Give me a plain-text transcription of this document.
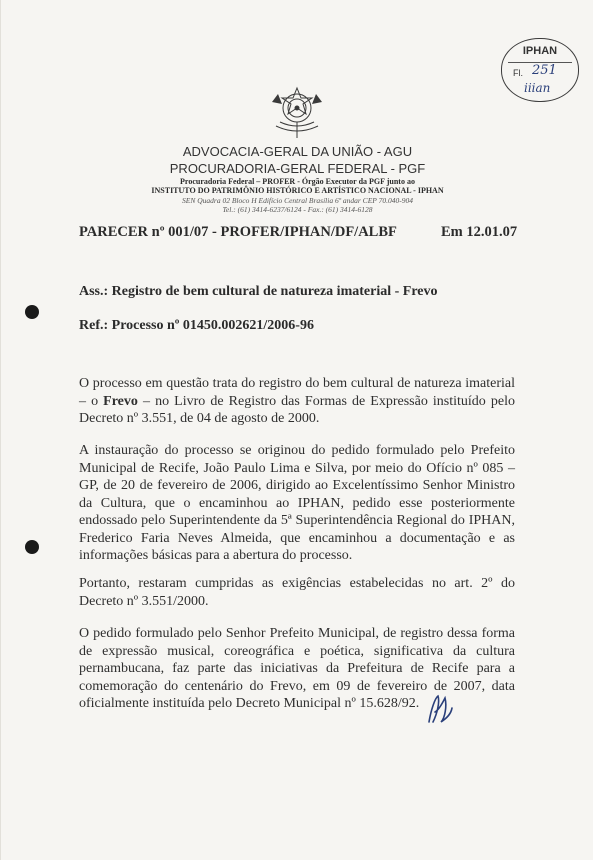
IPHAN
Fl. 251
iiian
ADVOCACIA-GERAL DA UNIÃO - AGU
PROCURADORIA-GERAL FEDERAL - PGF
Procuradoria Federal – PROFER - Órgão Executor da PGF junto ao
INSTITUTO DO PATRIMÔNIO HISTÓRICO E ARTÍSTICO NACIONAL - IPHAN
SEN Quadra 02 Bloco H Edifício Central Brasília 6º andar CEP 70.040-904
Tel.: (61) 3414-6237/6124 - Fax.: (61) 3414-6128
PARECER nº 001/07 - PROFER/IPHAN/DF/ALBF	Em 12.01.07
Ass.: Registro de bem cultural de natureza imaterial - Frevo
Ref.: Processo nº 01450.002621/2006-96
O processo em questão trata do registro do bem cultural de natureza imaterial – o Frevo – no Livro de Registro das Formas de Expressão instituído pelo Decreto nº 3.551, de 04 de agosto de 2000.
A instauração do processo se originou do pedido formulado pelo Prefeito Municipal de Recife, João Paulo Lima e Silva, por meio do Ofício nº 085 – GP, de 20 de fevereiro de 2006, dirigido ao Excelentíssimo Senhor Ministro da Cultura, que o encaminhou ao IPHAN, pedido esse posteriormente endossado pelo Superintendente da 5ª Superintendência Regional do IPHAN, Frederico Faria Neves Almeida, que encaminhou a documentação e as informações básicas para a abertura do processo.
Portanto, restaram cumpridas as exigências estabelecidas no art. 2º do Decreto nº 3.551/2000.
O pedido formulado pelo Senhor Prefeito Municipal, de registro dessa forma de expressão musical, coreográfica e poética, significativa da cultura pernambucana, faz parte das iniciativas da Prefeitura de Recife para a comemoração do centenário do Frevo, em 09 de fevereiro de 2007, data oficialmente instituída pelo Decreto Municipal nº 15.628/92.
